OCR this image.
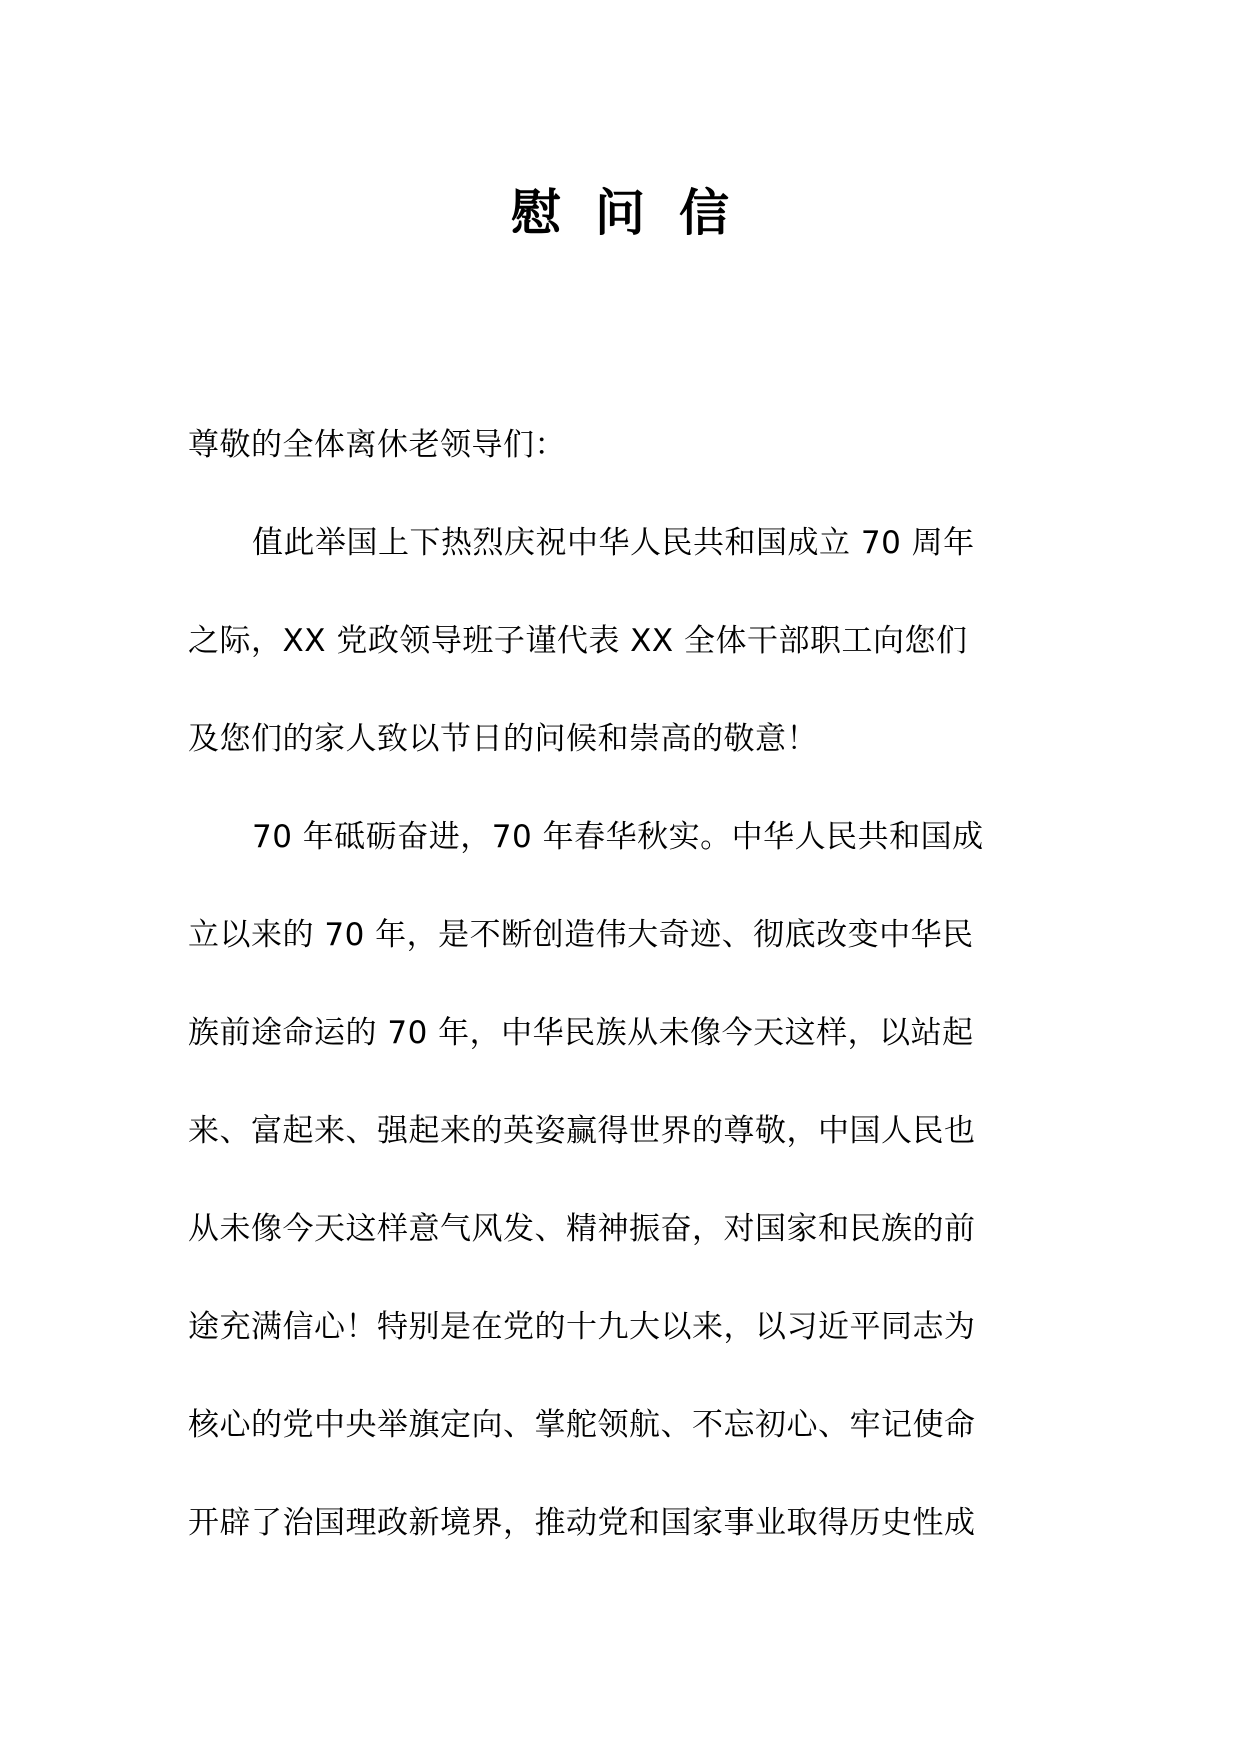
慰问信
尊敬的全体离休老领导们：
值此举国上下热烈庆祝中华人民共和国成立 70 周年
之际，XX 党政领导班子谨代表 XX 全体干部职工向您们
及您们的家人致以节日的问候和崇高的敬意！
70 年砥砺奋进，70 年春华秋实。中华人民共和国成
立以来的 70 年，是不断创造伟大奇迹、彻底改变中华民
族前途命运的 70 年，中华民族从未像今天这样，以站起
来、富起来、强起来的英姿赢得世界的尊敬，中国人民也
从未像今天这样意气风发、精神振奋，对国家和民族的前
途充满信心！特别是在党的十九大以来，以习近平同志为
核心的党中央举旗定向、掌舵领航、不忘初心、牢记使命
开辟了治国理政新境界，推动党和国家事业取得历史性成
